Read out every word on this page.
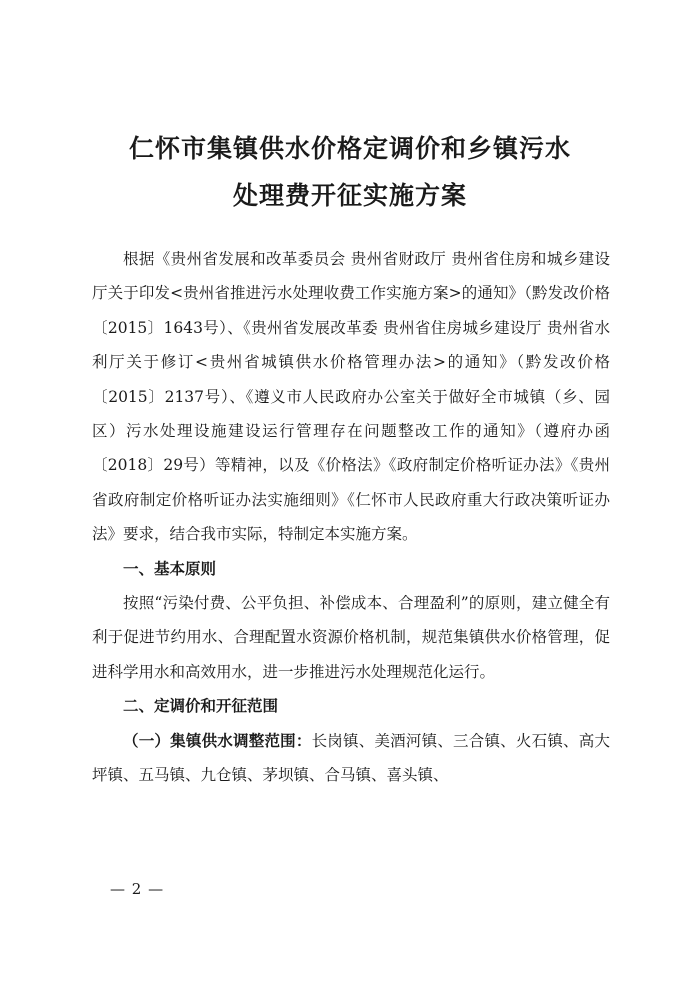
仁怀市集镇供水价格定调价和乡镇污水
处理费开征实施方案

根据《贵州省发展和改革委员会 贵州省财政厅 贵州省住房和城乡建设厅关于印发<贵州省推进污水处理收费工作实施方案>的通知》（黔发改价格〔2015〕1643号）、《贵州省发展改革委 贵州省住房城乡建设厅 贵州省水利厅关于修订<贵州省城镇供水价格管理办法>的通知》（黔发改价格〔2015〕2137号）、《遵义市人民政府办公室关于做好全市城镇（乡、园区）污水处理设施建设运行管理存在问题整改工作的通知》（遵府办函〔2018〕29号）等精神，以及《价格法》《政府制定价格听证办法》《贵州省政府制定价格听证办法实施细则》《仁怀市人民政府重大行政决策听证办法》要求，结合我市实际，特制定本实施方案。

一、基本原则

按照“污染付费、公平负担、补偿成本、合理盈利”的原则，建立健全有利于促进节约用水、合理配置水资源价格机制，规范集镇供水价格管理，促进科学用水和高效用水，进一步推进污水处理规范化运行。

二、定调价和开征范围

（一）集镇供水调整范围：长岗镇、美酒河镇、三合镇、火石镇、高大坪镇、五马镇、九仓镇、茅坝镇、合马镇、喜头镇、

— 2 —
